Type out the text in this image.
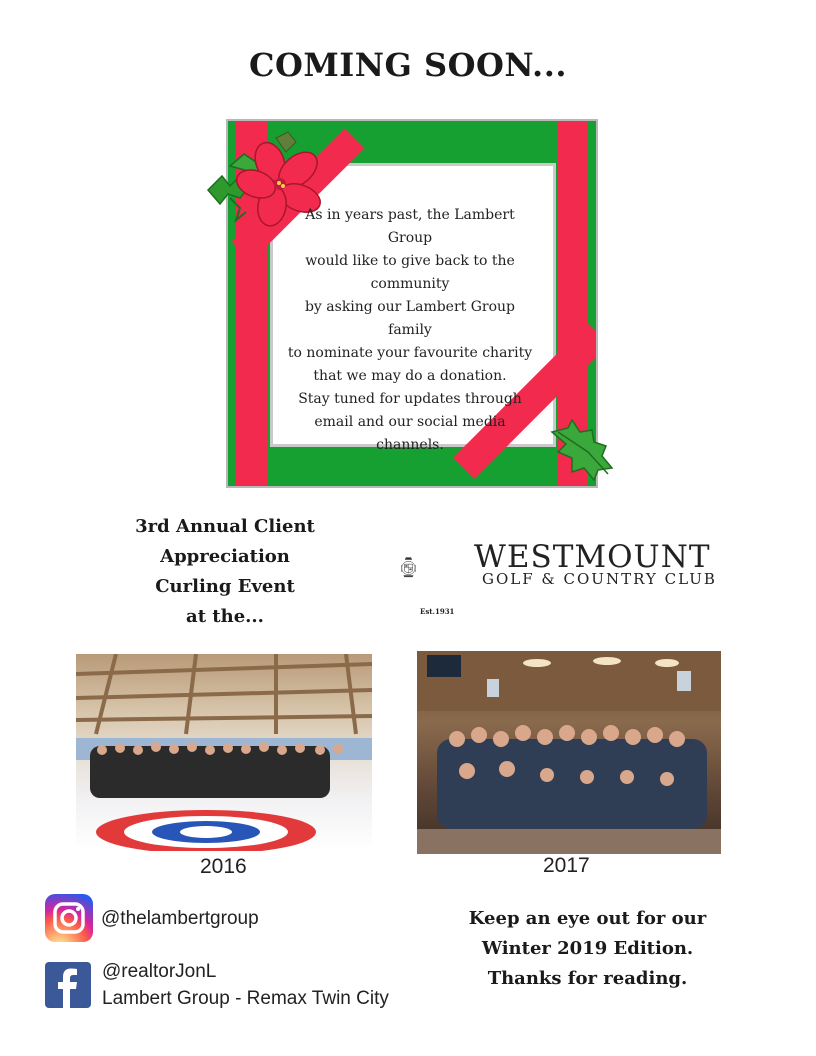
COMING SOON...
As in years past, the Lambert Group
would like to give back to the
community
by asking our Lambert Group family
to nominate your favourite charity
that we may do a donation.
Stay tuned for updates through
email and our social media
channels.
3rd Annual Client
Appreciation
Curling Event
at the...
WESTMOUNT
GOLF & COUNTRY CLUB
Est.1931
2016	2017
@thelambertgroup
@realtorJonL
Lambert Group - Remax Twin City
Keep an eye out for our
Winter 2019 Edition.
Thanks for reading.
